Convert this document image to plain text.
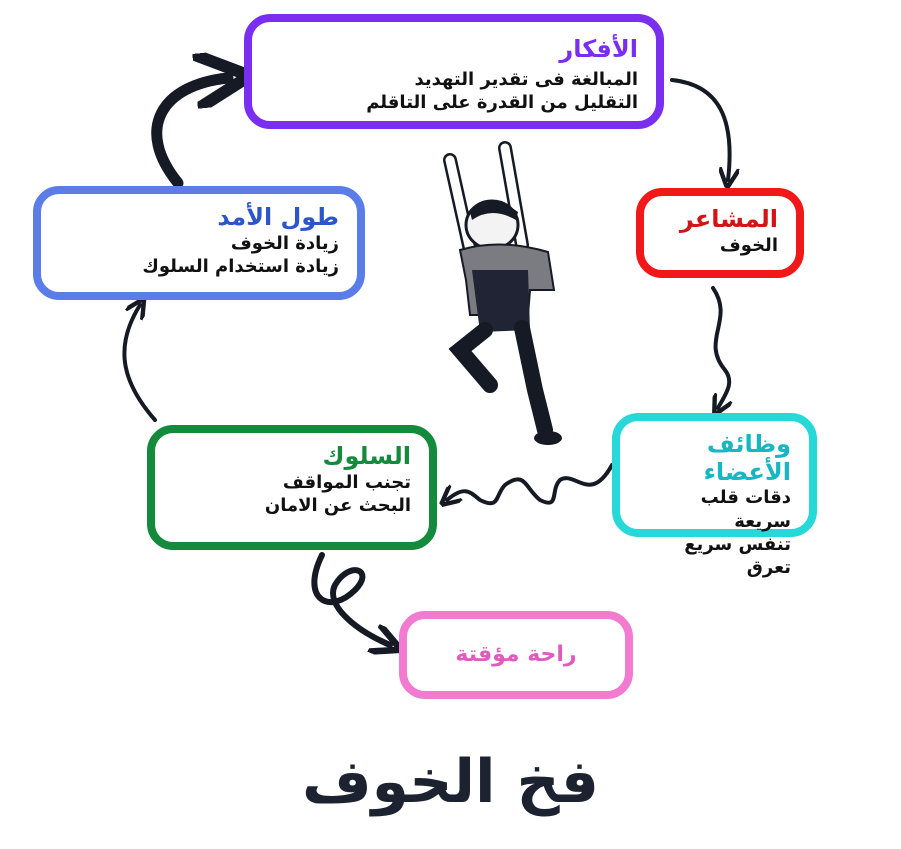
الأفكار
المبالغة فى تقدير التهديد
التقليل من القدرة على التاقلم
المشاعر
الخوف
وظائف الأعضاء
دقات قلب سريعة
تنفس سريع
تعرق
السلوك
تجنب المواقف
البحث عن الامان
طول الأمد
زيادة الخوف
زيادة استخدام السلوك
راحة مؤقتة
فخ الخوف
